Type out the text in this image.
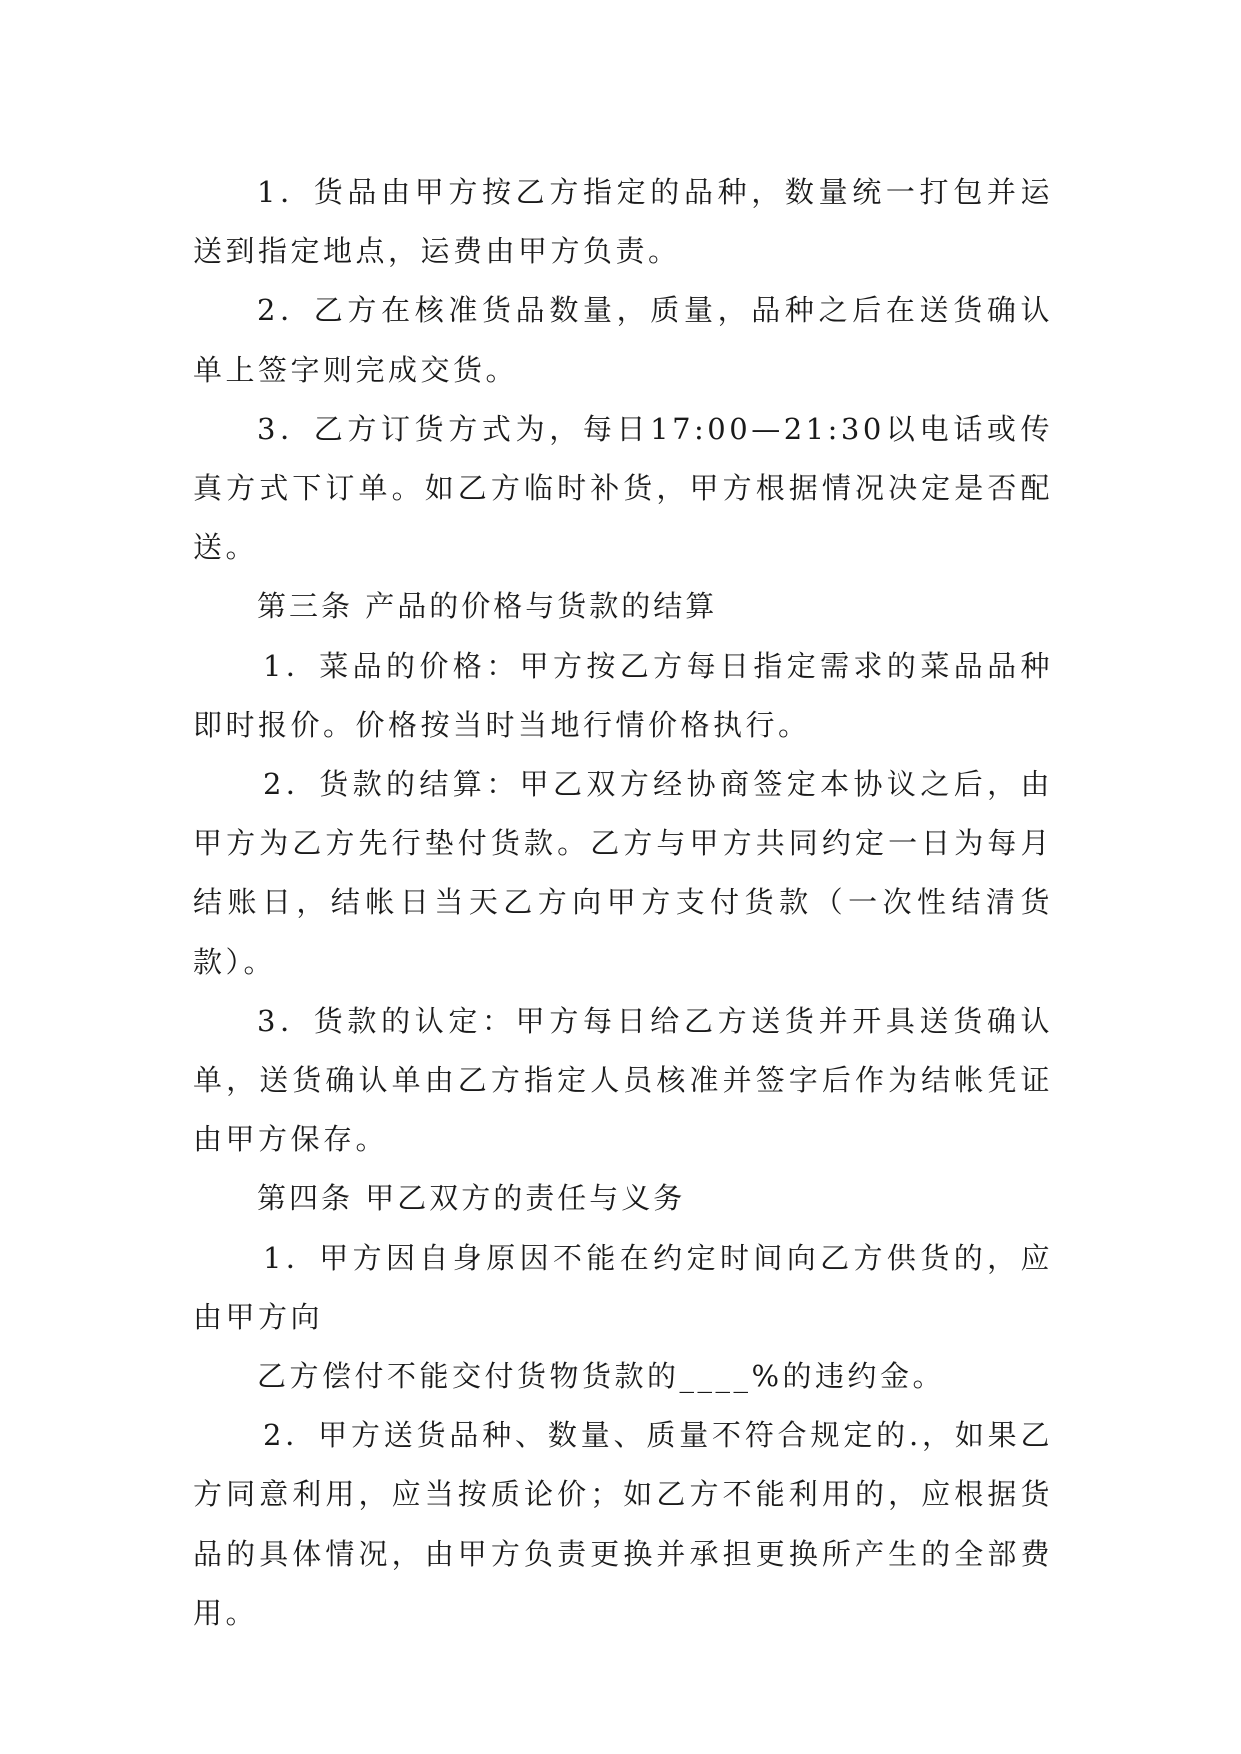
1．货品由甲方按乙方指定的品种，数量统一打包并运送到指定地点，运费由甲方负责。

2．乙方在核准货品数量，质量，品种之后在送货确认单上签字则完成交货。

3．乙方订货方式为，每日17:00—21:30以电话或传真方式下订单。如乙方临时补货，甲方根据情况决定是否配送。

第三条 产品的价格与货款的结算

1．菜品的价格：甲方按乙方每日指定需求的菜品品种即时报价。价格按当时当地行情价格执行。

2．货款的结算：甲乙双方经协商签定本协议之后，由甲方为乙方先行垫付货款。乙方与甲方共同约定一日为每月结账日，结帐日当天乙方向甲方支付货款（一次性结清货款）。

3．货款的认定：甲方每日给乙方送货并开具送货确认单，送货确认单由乙方指定人员核准并签字后作为结帐凭证由甲方保存。

第四条 甲乙双方的责任与义务

1．甲方因自身原因不能在约定时间向乙方供货的，应由甲方向

乙方偿付不能交付货物货款的____%的违约金。

2．甲方送货品种、数量、质量不符合规定的.，如果乙方同意利用，应当按质论价；如乙方不能利用的，应根据货品的具体情况，由甲方负责更换并承担更换所产生的全部费用。
